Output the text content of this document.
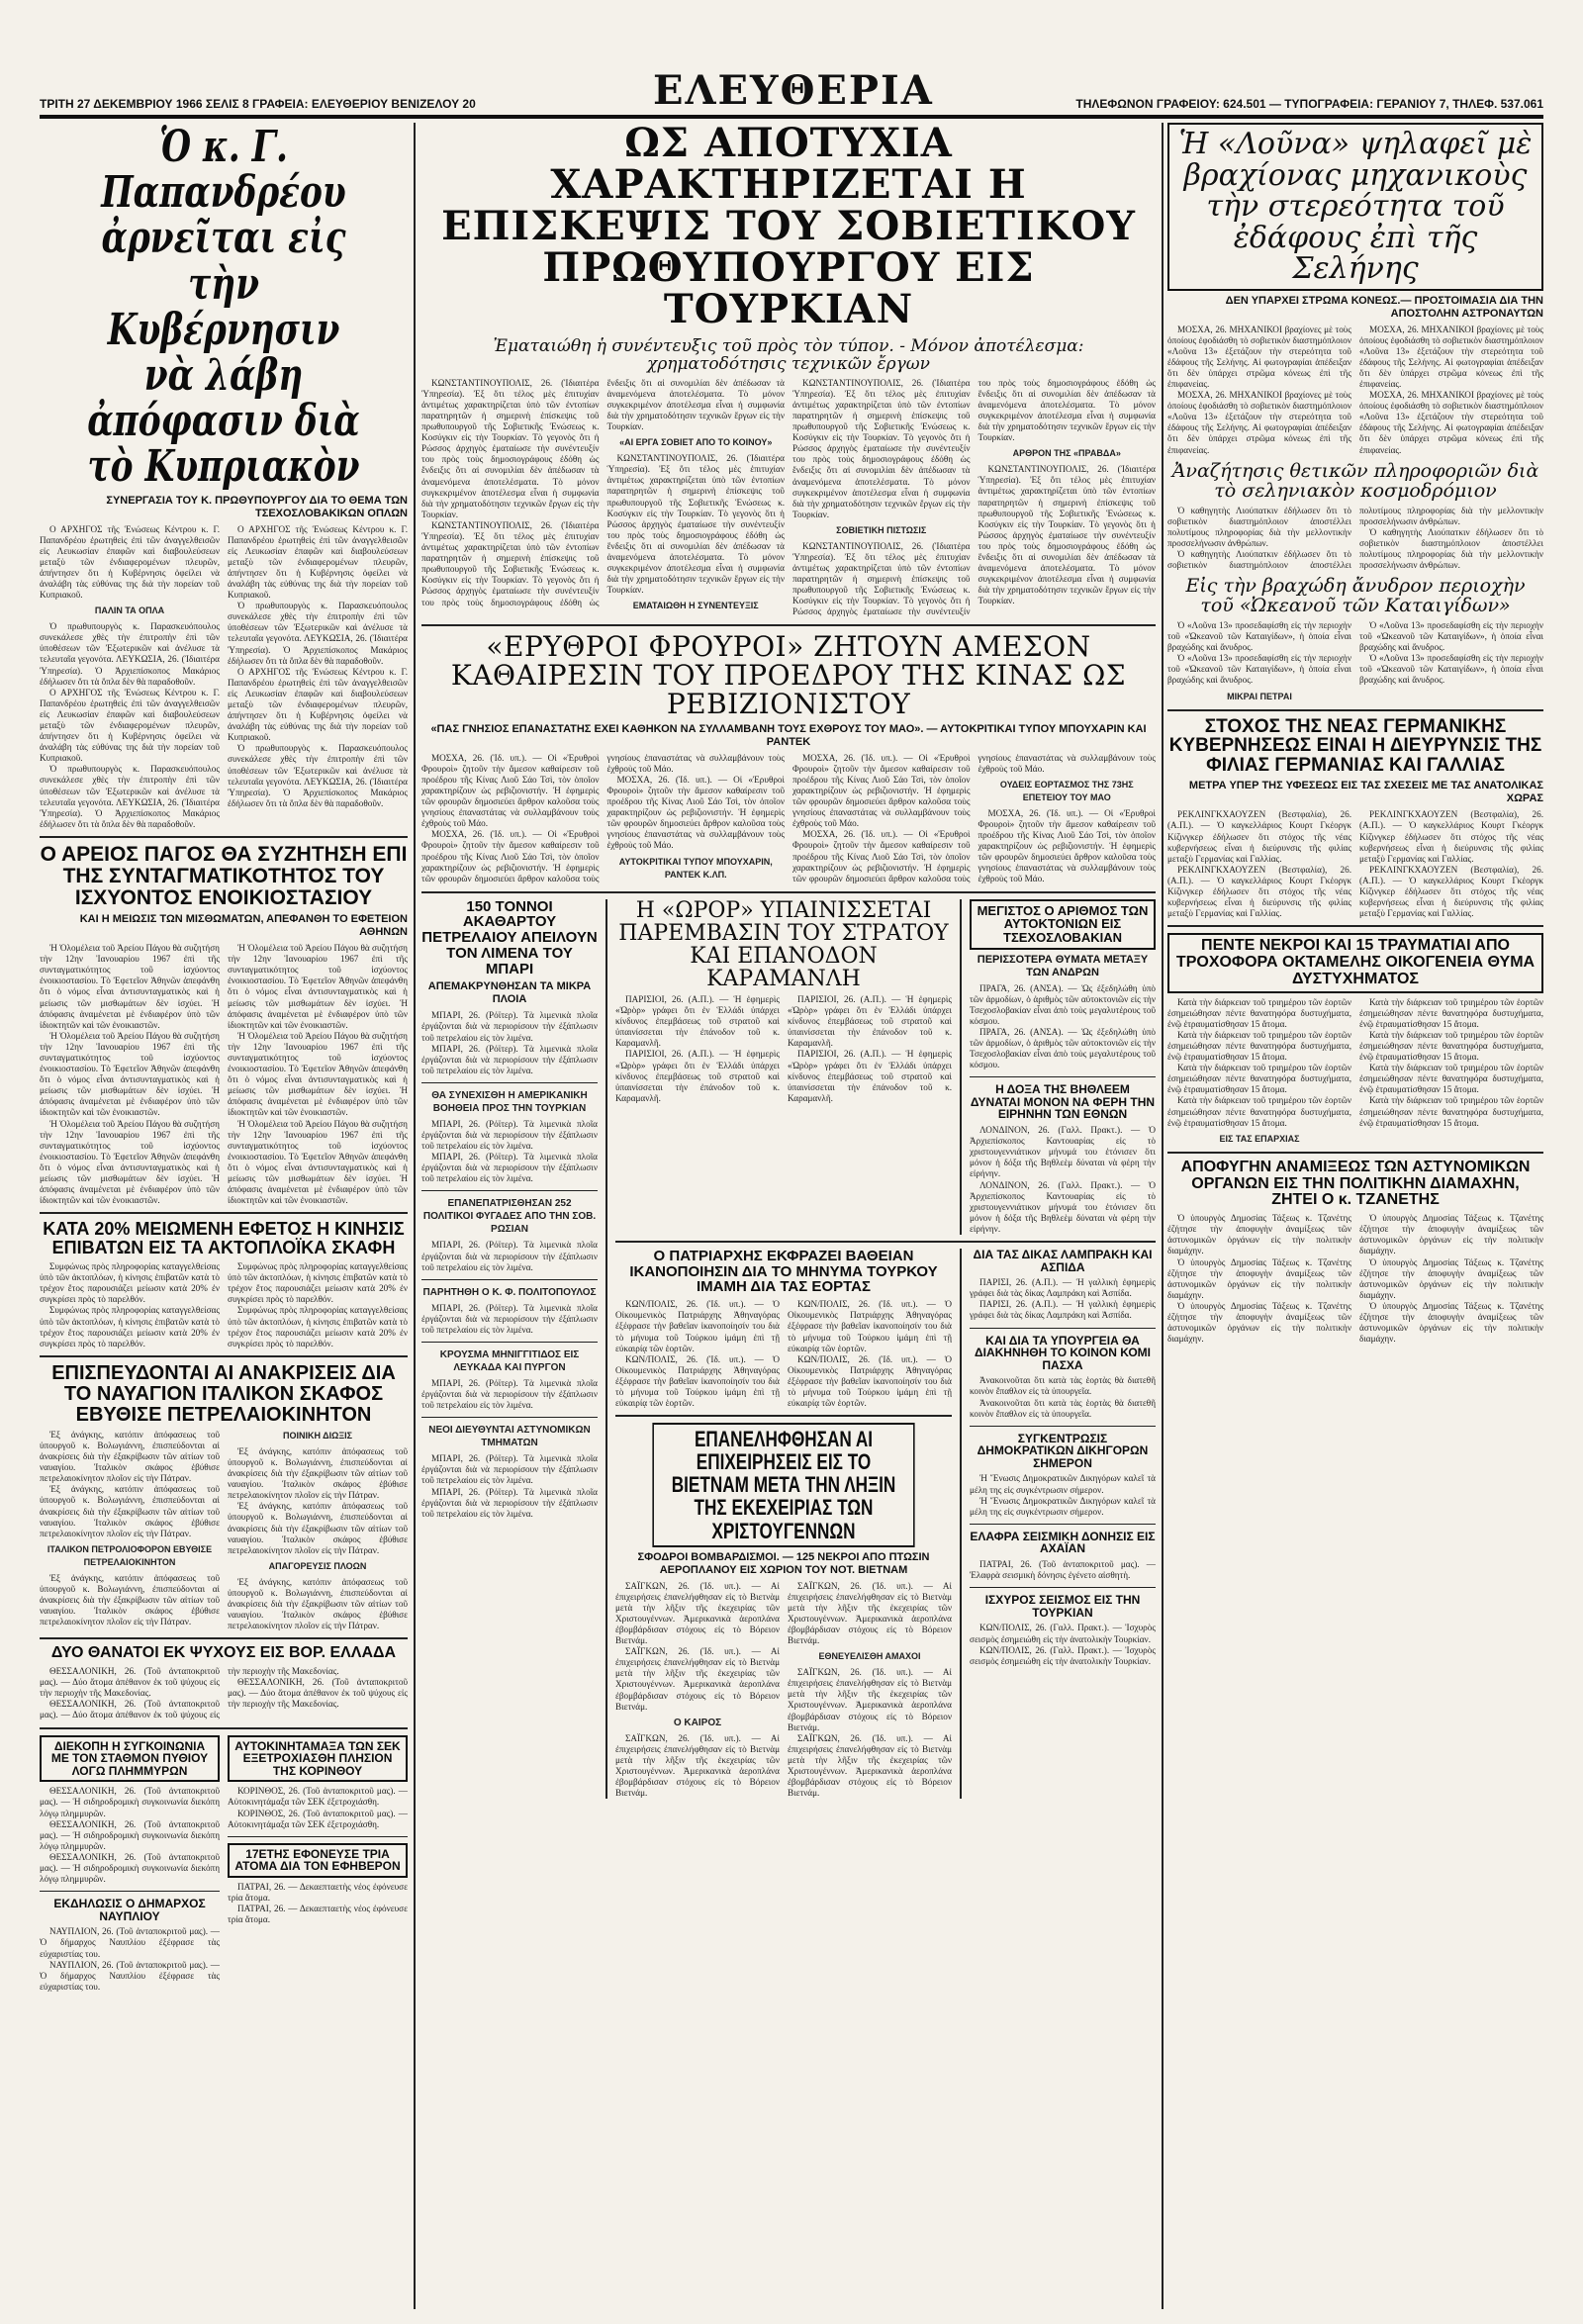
ΤΡΙΤΗ 27 ΔΕΚΕΜΒΡΙΟΥ 1966 ΣΕΛΙΣ 8 ΓΡΑΦΕΙΑ: ΕΛΕΥΘΕΡΙΟΥ ΒΕΝΙΖΕΛΟΥ 20	ΤΗΛΕΦΩΝΟΝ ΓΡΑΦΕΙΟΥ: 624.501 — ΤΥΠΟΓΡΑΦΕΙΑ: ΓΕΡΑΝΙΟΥ 7, ΤΗΛΕΦ. 537.061
ΕΛΕΥΘΕΡΙΑ
Ὁ κ. Γ. Παπανδρέου ἀρνεῖται εἰς τὴν Κυβέρνησιν νὰ λάβη ἀπόφασιν διὰ τὸ Κυπριακὸν
ΣΥΝΕΡΓΑΣΙΑ ΤΟΥ Κ. ΠΡΩΘΥΠΟΥΡΓΟΥ ΔΙΑ ΤΟ ΘΕΜΑ ΤΩΝ ΤΣΕΧΟΣΛΟΒΑΚΙΚΩΝ ΟΠΛΩΝ
Ο ΑΡΧΗΓΟΣ τῆς Ἑνώσεως Κέντρου κ. Γ. Παπανδρέου ἐρωτηθεὶς ἐπὶ τῶν ἀναγγελθεισῶν εἰς Λευκωσίαν ἐπαφῶν καὶ διαβουλεύσεων μεταξὺ τῶν ἐνδιαφερομένων πλευρῶν, ἀπήντησεν ὅτι ἡ Κυβέρνησις ὀφείλει νὰ ἀναλάβη τὰς εὐθύνας της διὰ τὴν πορείαν τοῦ Κυπριακοῦ.
ΠΑΛΙΝ ΤΑ ΟΠΛΑ
Ὁ πρωθυπουργὸς κ. Παρασκευόπουλος συνεκάλεσε χθὲς τὴν ἐπιτροπὴν ἐπὶ τῶν ὑποθέσεων τῶν Ἐξωτερικῶν καὶ ἀνέλυσε τὰ τελευταῖα γεγονότα. ΛΕΥΚΩΣΙΑ, 26. (Ἰδιαιτέρα Ὑπηρεσία). Ὁ Ἀρχιεπίσκοπος Μακάριος ἐδήλωσεν ὅτι τὰ ὅπλα δὲν θὰ παραδοθοῦν.
Ο ΑΡΧΗΓΟΣ τῆς Ἑνώσεως Κέντρου κ. Γ. Παπανδρέου ἐρωτηθεὶς ἐπὶ τῶν ἀναγγελθεισῶν εἰς Λευκωσίαν ἐπαφῶν καὶ διαβουλεύσεων μεταξὺ τῶν ἐνδιαφερομένων πλευρῶν, ἀπήντησεν ὅτι ἡ Κυβέρνησις ὀφείλει νὰ ἀναλάβη τὰς εὐθύνας της διὰ τὴν πορείαν τοῦ Κυπριακοῦ.
Ὁ πρωθυπουργὸς κ. Παρασκευόπουλος συνεκάλεσε χθὲς τὴν ἐπιτροπὴν ἐπὶ τῶν ὑποθέσεων τῶν Ἐξωτερικῶν καὶ ἀνέλυσε τὰ τελευταῖα γεγονότα. ΛΕΥΚΩΣΙΑ, 26. (Ἰδιαιτέρα Ὑπηρεσία). Ὁ Ἀρχιεπίσκοπος Μακάριος ἐδήλωσεν ὅτι τὰ ὅπλα δὲν θὰ παραδοθοῦν.
Ο ΑΡΧΗΓΟΣ τῆς Ἑνώσεως Κέντρου κ. Γ. Παπανδρέου ἐρωτηθεὶς ἐπὶ τῶν ἀναγγελθεισῶν εἰς Λευκωσίαν ἐπαφῶν καὶ διαβουλεύσεων μεταξὺ τῶν ἐνδιαφερομένων πλευρῶν, ἀπήντησεν ὅτι ἡ Κυβέρνησις ὀφείλει νὰ ἀναλάβη τὰς εὐθύνας της διὰ τὴν πορείαν τοῦ Κυπριακοῦ.
Ὁ πρωθυπουργὸς κ. Παρασκευόπουλος συνεκάλεσε χθὲς τὴν ἐπιτροπὴν ἐπὶ τῶν ὑποθέσεων τῶν Ἐξωτερικῶν καὶ ἀνέλυσε τὰ τελευταῖα γεγονότα. ΛΕΥΚΩΣΙΑ, 26. (Ἰδιαιτέρα Ὑπηρεσία). Ὁ Ἀρχιεπίσκοπος Μακάριος ἐδήλωσεν ὅτι τὰ ὅπλα δὲν θὰ παραδοθοῦν.
Ο ΑΡΧΗΓΟΣ τῆς Ἑνώσεως Κέντρου κ. Γ. Παπανδρέου ἐρωτηθεὶς ἐπὶ τῶν ἀναγγελθεισῶν εἰς Λευκωσίαν ἐπαφῶν καὶ διαβουλεύσεων μεταξὺ τῶν ἐνδιαφερομένων πλευρῶν, ἀπήντησεν ὅτι ἡ Κυβέρνησις ὀφείλει νὰ ἀναλάβη τὰς εὐθύνας της διὰ τὴν πορείαν τοῦ Κυπριακοῦ.
Ὁ πρωθυπουργὸς κ. Παρασκευόπουλος συνεκάλεσε χθὲς τὴν ἐπιτροπὴν ἐπὶ τῶν ὑποθέσεων τῶν Ἐξωτερικῶν καὶ ἀνέλυσε τὰ τελευταῖα γεγονότα. ΛΕΥΚΩΣΙΑ, 26. (Ἰδιαιτέρα Ὑπηρεσία). Ὁ Ἀρχιεπίσκοπος Μακάριος ἐδήλωσεν ὅτι τὰ ὅπλα δὲν θὰ παραδοθοῦν.
Ο ΑΡΕΙΟΣ ΠΑΓΟΣ ΘΑ ΣΥΖΗΤΗΣΗ ΕΠΙ ΤΗΣ ΣΥΝΤΑΓΜΑΤΙΚΟΤΗΤΟΣ ΤΟΥ ΙΣΧΥΟΝΤΟΣ ΕΝΟΙΚΙΟΣΤΑΣΙΟΥ
ΚΑΙ Η ΜΕΙΩΣΙΣ ΤΩΝ ΜΙΣΘΩΜΑΤΩΝ, ΑΠΕΦΑΝΘΗ ΤΟ ΕΦΕΤΕΙΟΝ ΑΘΗΝΩΝ
Ἡ Ὁλομέλεια τοῦ Ἀρείου Πάγου θὰ συζητήση τὴν 12ην Ἰανουαρίου 1967 ἐπὶ τῆς συνταγματικότητος τοῦ ἰσχύοντος ἐνοικιοστασίου. Τὸ Ἐφετεῖον Ἀθηνῶν ἀπεφάνθη ὅτι ὁ νόμος εἶναι ἀντισυνταγματικὸς καὶ ἡ μείωσις τῶν μισθωμάτων δὲν ἰσχύει. Ἡ ἀπόφασις ἀναμένεται μὲ ἐνδιαφέρον ὑπὸ τῶν ἰδιοκτητῶν καὶ τῶν ἐνοικιαστῶν.
Ἡ Ὁλομέλεια τοῦ Ἀρείου Πάγου θὰ συζητήση τὴν 12ην Ἰανουαρίου 1967 ἐπὶ τῆς συνταγματικότητος τοῦ ἰσχύοντος ἐνοικιοστασίου. Τὸ Ἐφετεῖον Ἀθηνῶν ἀπεφάνθη ὅτι ὁ νόμος εἶναι ἀντισυνταγματικὸς καὶ ἡ μείωσις τῶν μισθωμάτων δὲν ἰσχύει. Ἡ ἀπόφασις ἀναμένεται μὲ ἐνδιαφέρον ὑπὸ τῶν ἰδιοκτητῶν καὶ τῶν ἐνοικιαστῶν.
Ἡ Ὁλομέλεια τοῦ Ἀρείου Πάγου θὰ συζητήση τὴν 12ην Ἰανουαρίου 1967 ἐπὶ τῆς συνταγματικότητος τοῦ ἰσχύοντος ἐνοικιοστασίου. Τὸ Ἐφετεῖον Ἀθηνῶν ἀπεφάνθη ὅτι ὁ νόμος εἶναι ἀντισυνταγματικὸς καὶ ἡ μείωσις τῶν μισθωμάτων δὲν ἰσχύει. Ἡ ἀπόφασις ἀναμένεται μὲ ἐνδιαφέρον ὑπὸ τῶν ἰδιοκτητῶν καὶ τῶν ἐνοικιαστῶν.
Ἡ Ὁλομέλεια τοῦ Ἀρείου Πάγου θὰ συζητήση τὴν 12ην Ἰανουαρίου 1967 ἐπὶ τῆς συνταγματικότητος τοῦ ἰσχύοντος ἐνοικιοστασίου. Τὸ Ἐφετεῖον Ἀθηνῶν ἀπεφάνθη ὅτι ὁ νόμος εἶναι ἀντισυνταγματικὸς καὶ ἡ μείωσις τῶν μισθωμάτων δὲν ἰσχύει. Ἡ ἀπόφασις ἀναμένεται μὲ ἐνδιαφέρον ὑπὸ τῶν ἰδιοκτητῶν καὶ τῶν ἐνοικιαστῶν.
Ἡ Ὁλομέλεια τοῦ Ἀρείου Πάγου θὰ συζητήση τὴν 12ην Ἰανουαρίου 1967 ἐπὶ τῆς συνταγματικότητος τοῦ ἰσχύοντος ἐνοικιοστασίου. Τὸ Ἐφετεῖον Ἀθηνῶν ἀπεφάνθη ὅτι ὁ νόμος εἶναι ἀντισυνταγματικὸς καὶ ἡ μείωσις τῶν μισθωμάτων δὲν ἰσχύει. Ἡ ἀπόφασις ἀναμένεται μὲ ἐνδιαφέρον ὑπὸ τῶν ἰδιοκτητῶν καὶ τῶν ἐνοικιαστῶν.
Ἡ Ὁλομέλεια τοῦ Ἀρείου Πάγου θὰ συζητήση τὴν 12ην Ἰανουαρίου 1967 ἐπὶ τῆς συνταγματικότητος τοῦ ἰσχύοντος ἐνοικιοστασίου. Τὸ Ἐφετεῖον Ἀθηνῶν ἀπεφάνθη ὅτι ὁ νόμος εἶναι ἀντισυνταγματικὸς καὶ ἡ μείωσις τῶν μισθωμάτων δὲν ἰσχύει. Ἡ ἀπόφασις ἀναμένεται μὲ ἐνδιαφέρον ὑπὸ τῶν ἰδιοκτητῶν καὶ τῶν ἐνοικιαστῶν.
ΚΑΤΑ 20% ΜΕΙΩΜΕΝΗ ΕΦΕΤΟΣ Η ΚΙΝΗΣΙΣ ΕΠΙΒΑΤΩΝ ΕΙΣ ΤΑ ΑΚΤΟΠΛΟΪΚΑ ΣΚΑΦΗ
Συμφώνως πρὸς πληροφορίας καταγγελθείσας ὑπὸ τῶν ἀκτοπλόων, ἡ κίνησις ἐπιβατῶν κατὰ τὸ τρέχον ἔτος παρουσιάζει μείωσιν κατὰ 20% ἐν συγκρίσει πρὸς τὸ παρελθόν.
Συμφώνως πρὸς πληροφορίας καταγγελθείσας ὑπὸ τῶν ἀκτοπλόων, ἡ κίνησις ἐπιβατῶν κατὰ τὸ τρέχον ἔτος παρουσιάζει μείωσιν κατὰ 20% ἐν συγκρίσει πρὸς τὸ παρελθόν.
Συμφώνως πρὸς πληροφορίας καταγγελθείσας ὑπὸ τῶν ἀκτοπλόων, ἡ κίνησις ἐπιβατῶν κατὰ τὸ τρέχον ἔτος παρουσιάζει μείωσιν κατὰ 20% ἐν συγκρίσει πρὸς τὸ παρελθόν.
Συμφώνως πρὸς πληροφορίας καταγγελθείσας ὑπὸ τῶν ἀκτοπλόων, ἡ κίνησις ἐπιβατῶν κατὰ τὸ τρέχον ἔτος παρουσιάζει μείωσιν κατὰ 20% ἐν συγκρίσει πρὸς τὸ παρελθόν.
ΕΠΙΣΠΕΥΔΟΝΤΑΙ ΑΙ ΑΝΑΚΡΙΣΕΙΣ ΔΙΑ ΤΟ ΝΑΥΑΓΙΟΝ ΙΤΑΛΙΚΟΝ ΣΚΑΦΟΣ ΕΒΥΘΙΣΕ ΠΕΤΡΕΛΑΙΟΚΙΝΗΤΟΝ
Ἐξ ἀνάγκης, κατόπιν ἀπόφασεως τοῦ ὑπουργοῦ κ. Βολωγιάννη, ἐπισπεύδονται αἱ ἀνακρίσεις διὰ τὴν ἐξακρίβωσιν τῶν αἰτίων τοῦ ναυαγίου. Ἰταλικὸν σκάφος ἐβύθισε πετρελαιοκίνητον πλοῖον εἰς τὴν Πάτραν.
Ἐξ ἀνάγκης, κατόπιν ἀπόφασεως τοῦ ὑπουργοῦ κ. Βολωγιάννη, ἐπισπεύδονται αἱ ἀνακρίσεις διὰ τὴν ἐξακρίβωσιν τῶν αἰτίων τοῦ ναυαγίου. Ἰταλικὸν σκάφος ἐβύθισε πετρελαιοκίνητον πλοῖον εἰς τὴν Πάτραν.
ΙΤΑΛΙΚΟΝ ΠΕΤΡΟΛΙΟΦΟΡΟΝ ΕΒΥΘΙΣΕ ΠΕΤΡΕΛΑΙΟΚΙΝΗΤΟΝ
Ἐξ ἀνάγκης, κατόπιν ἀπόφασεως τοῦ ὑπουργοῦ κ. Βολωγιάννη, ἐπισπεύδονται αἱ ἀνακρίσεις διὰ τὴν ἐξακρίβωσιν τῶν αἰτίων τοῦ ναυαγίου. Ἰταλικὸν σκάφος ἐβύθισε πετρελαιοκίνητον πλοῖον εἰς τὴν Πάτραν.
ΠΟΙΝΙΚΗ ΔΙΩΞΙΣ
Ἐξ ἀνάγκης, κατόπιν ἀπόφασεως τοῦ ὑπουργοῦ κ. Βολωγιάννη, ἐπισπεύδονται αἱ ἀνακρίσεις διὰ τὴν ἐξακρίβωσιν τῶν αἰτίων τοῦ ναυαγίου. Ἰταλικὸν σκάφος ἐβύθισε πετρελαιοκίνητον πλοῖον εἰς τὴν Πάτραν.
Ἐξ ἀνάγκης, κατόπιν ἀπόφασεως τοῦ ὑπουργοῦ κ. Βολωγιάννη, ἐπισπεύδονται αἱ ἀνακρίσεις διὰ τὴν ἐξακρίβωσιν τῶν αἰτίων τοῦ ναυαγίου. Ἰταλικὸν σκάφος ἐβύθισε πετρελαιοκίνητον πλοῖον εἰς τὴν Πάτραν.
ΑΠΑΓΟΡΕΥΣΙΣ ΠΛΟΩΝ
Ἐξ ἀνάγκης, κατόπιν ἀπόφασεως τοῦ ὑπουργοῦ κ. Βολωγιάννη, ἐπισπεύδονται αἱ ἀνακρίσεις διὰ τὴν ἐξακρίβωσιν τῶν αἰτίων τοῦ ναυαγίου. Ἰταλικὸν σκάφος ἐβύθισε πετρελαιοκίνητον πλοῖον εἰς τὴν Πάτραν.
ΔΥΟ ΘΑΝΑΤΟΙ ΕΚ ΨΥΧΟΥΣ ΕΙΣ ΒΟΡ. ΕΛΛΑΔΑ
ΘΕΣΣΑΛΟΝΙΚΗ, 26. (Τοῦ ἀνταποκριτοῦ μας). — Δύο ἄτομα ἀπέθανον ἐκ τοῦ ψύχους εἰς τὴν περιοχὴν τῆς Μακεδονίας.
ΘΕΣΣΑΛΟΝΙΚΗ, 26. (Τοῦ ἀνταποκριτοῦ μας). — Δύο ἄτομα ἀπέθανον ἐκ τοῦ ψύχους εἰς τὴν περιοχὴν τῆς Μακεδονίας.
ΘΕΣΣΑΛΟΝΙΚΗ, 26. (Τοῦ ἀνταποκριτοῦ μας). — Δύο ἄτομα ἀπέθανον ἐκ τοῦ ψύχους εἰς τὴν περιοχὴν τῆς Μακεδονίας.
ΔΙΕΚΟΠΗ Η ΣΥΓΚΟΙΝΩΝΙΑ ΜΕ ΤΟΝ ΣΤΑΘΜΟΝ ΠΥΘΙΟΥ ΛΟΓΩ ΠΛΗΜΜΥΡΩΝ
ΘΕΣΣΑΛΟΝΙΚΗ, 26. (Τοῦ ἀνταποκριτοῦ μας). — Ἡ σιδηροδρομικὴ συγκοινωνία διεκόπη λόγῳ πλημμυρῶν.
ΘΕΣΣΑΛΟΝΙΚΗ, 26. (Τοῦ ἀνταποκριτοῦ μας). — Ἡ σιδηροδρομικὴ συγκοινωνία διεκόπη λόγῳ πλημμυρῶν.
ΘΕΣΣΑΛΟΝΙΚΗ, 26. (Τοῦ ἀνταποκριτοῦ μας). — Ἡ σιδηροδρομικὴ συγκοινωνία διεκόπη λόγῳ πλημμυρῶν.
ΕΚΔΗΛΩΣΙΣ Ο ΔΗΜΑΡΧΟΣ ΝΑΥΠΛΙΟΥ
ΝΑΥΠΛΙΟΝ, 26. (Τοῦ ἀνταποκριτοῦ μας). — Ὁ δήμαρχος Ναυπλίου ἐξέφρασε τὰς εὐχαριστίας του.
ΝΑΥΠΛΙΟΝ, 26. (Τοῦ ἀνταποκριτοῦ μας). — Ὁ δήμαρχος Ναυπλίου ἐξέφρασε τὰς εὐχαριστίας του.
ΑΥΤΟΚΙΝΗΤΑΜΑΞΑ ΤΩΝ ΣΕΚ ΕΞΕΤΡΟΧΙΑΣΘΗ ΠΛΗΣΙΟΝ ΤΗΣ ΚΟΡΙΝΘΟΥ
ΚΟΡΙΝΘΟΣ, 26. (Τοῦ ἀνταποκριτοῦ μας). — Αὐτοκινητάμαξα τῶν ΣΕΚ ἐξετροχιάσθη.
ΚΟΡΙΝΘΟΣ, 26. (Τοῦ ἀνταποκριτοῦ μας). — Αὐτοκινητάμαξα τῶν ΣΕΚ ἐξετροχιάσθη.
17ΕΤΗΣ ΕΦΟΝΕΥΣΕ ΤΡΙΑ ΑΤΟΜΑ ΔΙΑ ΤΟΝ ΕΦΗΒΕΡΟΝ
ΠΑΤΡΑΙ, 26. — Δεκαεπταετὴς νέος ἐφόνευσε τρία ἄτομα.
ΠΑΤΡΑΙ, 26. — Δεκαεπταετὴς νέος ἐφόνευσε τρία ἄτομα.
ΩΣ ΑΠΟΤΥΧΙΑ ΧΑΡΑΚΤΗΡΙΖΕΤΑΙ Η ΕΠΙΣΚΕΨΙΣ ΤΟΥ ΣΟΒΙΕΤΙΚΟΥ ΠΡΩΘΥΠΟΥΡΓΟΥ ΕΙΣ ΤΟΥΡΚΙΑΝ
Ἐματαιώθη ἡ συνέντευξις τοῦ πρὸς τὸν τύπον. - Μόνον ἀποτέλεσμα: χρηματοδότησις τεχνικῶν ἔργων
ΚΩΝΣΤΑΝΤΙΝΟΥΠΟΛΙΣ, 26. (Ἰδιαιτέρα Ὑπηρεσία). Ἐξ ὅτι τέλος μὲς ἐπιτυχίαν ἀντιμέτως χαρακτηρίζεται ὑπὸ τῶν ἐντοπίων παρατηρητῶν ἡ σημερινὴ ἐπίσκεψις τοῦ πρωθυπουργοῦ τῆς Σοβιετικῆς Ἑνώσεως κ. Κοσύγκιν εἰς τὴν Τουρκίαν. Τὸ γεγονὸς ὅτι ἡ Ρώσσος ἀρχηγὸς ἐματαίωσε τὴν συνέντευξίν του πρὸς τοὺς δημοσιογράφους ἐδόθη ὡς ἕνδειξις ὅτι αἱ συνομιλίαι δὲν ἀπέδωσαν τὰ ἀναμενόμενα ἀποτελέσματα. Τὸ μόνον συγκεκριμένον ἀποτέλεσμα εἶναι ἡ συμφωνία διὰ τὴν χρηματοδότησιν τεχνικῶν ἔργων εἰς τὴν Τουρκίαν.
ΚΩΝΣΤΑΝΤΙΝΟΥΠΟΛΙΣ, 26. (Ἰδιαιτέρα Ὑπηρεσία). Ἐξ ὅτι τέλος μὲς ἐπιτυχίαν ἀντιμέτως χαρακτηρίζεται ὑπὸ τῶν ἐντοπίων παρατηρητῶν ἡ σημερινὴ ἐπίσκεψις τοῦ πρωθυπουργοῦ τῆς Σοβιετικῆς Ἑνώσεως κ. Κοσύγκιν εἰς τὴν Τουρκίαν. Τὸ γεγονὸς ὅτι ἡ Ρώσσος ἀρχηγὸς ἐματαίωσε τὴν συνέντευξίν του πρὸς τοὺς δημοσιογράφους ἐδόθη ὡς ἕνδειξις ὅτι αἱ συνομιλίαι δὲν ἀπέδωσαν τὰ ἀναμενόμενα ἀποτελέσματα. Τὸ μόνον συγκεκριμένον ἀποτέλεσμα εἶναι ἡ συμφωνία διὰ τὴν χρηματοδότησιν τεχνικῶν ἔργων εἰς τὴν Τουρκίαν.
«ΑΙ ΕΡΓΑ ΣΟΒΙΕΤ ΑΠΟ ΤΟ ΚΟΙΝΟΥ»
ΚΩΝΣΤΑΝΤΙΝΟΥΠΟΛΙΣ, 26. (Ἰδιαιτέρα Ὑπηρεσία). Ἐξ ὅτι τέλος μὲς ἐπιτυχίαν ἀντιμέτως χαρακτηρίζεται ὑπὸ τῶν ἐντοπίων παρατηρητῶν ἡ σημερινὴ ἐπίσκεψις τοῦ πρωθυπουργοῦ τῆς Σοβιετικῆς Ἑνώσεως κ. Κοσύγκιν εἰς τὴν Τουρκίαν. Τὸ γεγονὸς ὅτι ἡ Ρώσσος ἀρχηγὸς ἐματαίωσε τὴν συνέντευξίν του πρὸς τοὺς δημοσιογράφους ἐδόθη ὡς ἕνδειξις ὅτι αἱ συνομιλίαι δὲν ἀπέδωσαν τὰ ἀναμενόμενα ἀποτελέσματα. Τὸ μόνον συγκεκριμένον ἀποτέλεσμα εἶναι ἡ συμφωνία διὰ τὴν χρηματοδότησιν τεχνικῶν ἔργων εἰς τὴν Τουρκίαν.
ΕΜΑΤΑΙΩΘΗ Η ΣΥΝΕΝΤΕΥΞΙΣ
ΚΩΝΣΤΑΝΤΙΝΟΥΠΟΛΙΣ, 26. (Ἰδιαιτέρα Ὑπηρεσία). Ἐξ ὅτι τέλος μὲς ἐπιτυχίαν ἀντιμέτως χαρακτηρίζεται ὑπὸ τῶν ἐντοπίων παρατηρητῶν ἡ σημερινὴ ἐπίσκεψις τοῦ πρωθυπουργοῦ τῆς Σοβιετικῆς Ἑνώσεως κ. Κοσύγκιν εἰς τὴν Τουρκίαν. Τὸ γεγονὸς ὅτι ἡ Ρώσσος ἀρχηγὸς ἐματαίωσε τὴν συνέντευξίν του πρὸς τοὺς δημοσιογράφους ἐδόθη ὡς ἕνδειξις ὅτι αἱ συνομιλίαι δὲν ἀπέδωσαν τὰ ἀναμενόμενα ἀποτελέσματα. Τὸ μόνον συγκεκριμένον ἀποτέλεσμα εἶναι ἡ συμφωνία διὰ τὴν χρηματοδότησιν τεχνικῶν ἔργων εἰς τὴν Τουρκίαν.
ΣΟΒΙΕΤΙΚΗ ΠΙΣΤΩΣΙΣ
ΚΩΝΣΤΑΝΤΙΝΟΥΠΟΛΙΣ, 26. (Ἰδιαιτέρα Ὑπηρεσία). Ἐξ ὅτι τέλος μὲς ἐπιτυχίαν ἀντιμέτως χαρακτηρίζεται ὑπὸ τῶν ἐντοπίων παρατηρητῶν ἡ σημερινὴ ἐπίσκεψις τοῦ πρωθυπουργοῦ τῆς Σοβιετικῆς Ἑνώσεως κ. Κοσύγκιν εἰς τὴν Τουρκίαν. Τὸ γεγονὸς ὅτι ἡ Ρώσσος ἀρχηγὸς ἐματαίωσε τὴν συνέντευξίν του πρὸς τοὺς δημοσιογράφους ἐδόθη ὡς ἕνδειξις ὅτι αἱ συνομιλίαι δὲν ἀπέδωσαν τὰ ἀναμενόμενα ἀποτελέσματα. Τὸ μόνον συγκεκριμένον ἀποτέλεσμα εἶναι ἡ συμφωνία διὰ τὴν χρηματοδότησιν τεχνικῶν ἔργων εἰς τὴν Τουρκίαν.
ΑΡΘΡΟΝ ΤΗΣ «ΠΡΑΒΔΑ»
ΚΩΝΣΤΑΝΤΙΝΟΥΠΟΛΙΣ, 26. (Ἰδιαιτέρα Ὑπηρεσία). Ἐξ ὅτι τέλος μὲς ἐπιτυχίαν ἀντιμέτως χαρακτηρίζεται ὑπὸ τῶν ἐντοπίων παρατηρητῶν ἡ σημερινὴ ἐπίσκεψις τοῦ πρωθυπουργοῦ τῆς Σοβιετικῆς Ἑνώσεως κ. Κοσύγκιν εἰς τὴν Τουρκίαν. Τὸ γεγονὸς ὅτι ἡ Ρώσσος ἀρχηγὸς ἐματαίωσε τὴν συνέντευξίν του πρὸς τοὺς δημοσιογράφους ἐδόθη ὡς ἕνδειξις ὅτι αἱ συνομιλίαι δὲν ἀπέδωσαν τὰ ἀναμενόμενα ἀποτελέσματα. Τὸ μόνον συγκεκριμένον ἀποτέλεσμα εἶναι ἡ συμφωνία διὰ τὴν χρηματοδότησιν τεχνικῶν ἔργων εἰς τὴν Τουρκίαν.
«ΕΡΥΘΡΟΙ ΦΡΟΥΡΟΙ» ΖΗΤΟΥΝ ΑΜΕΣΟΝ ΚΑΘΑΙΡΕΣΙΝ ΤΟΥ ΠΡΟΕΔΡΟΥ ΤΗΣ ΚΙΝΑΣ ΩΣ ΡΕΒΙΖΙΟΝΙΣΤΟΥ
«ΠΑΣ ΓΝΗΣΙΟΣ ΕΠΑΝΑΣΤΑΤΗΣ ΕΧΕΙ ΚΑΘΗΚΟΝ ΝΑ ΣΥΛΛΑΜΒΑΝΗ ΤΟΥΣ ΕΧΘΡΟΥΣ ΤΟΥ ΜΑΟ». — ΑΥΤΟΚΡΙΤΙΚΑΙ ΤΥΠΟΥ ΜΠΟΥΧΑΡΙΝ ΚΑΙ ΡΑΝΤΕΚ
ΜΟΣΧΑ, 26. (Ἰδ. υπ.). — Οἱ «Ἐρυθροὶ Φρουροὶ» ζητοῦν τὴν ἄμεσον καθαίρεσιν τοῦ προέδρου τῆς Κίνας Λιοῦ Σάο Τσὶ, τὸν ὁποῖον χαρακτηρίζουν ὡς ρεβιζιονιστήν. Ἡ ἐφημερὶς τῶν φρουρῶν δημοσιεύει ἄρθρον καλοῦσα τοὺς γνησίους ἐπαναστάτας νὰ συλλαμβάνουν τοὺς ἐχθροὺς τοῦ Μάο.
ΜΟΣΧΑ, 26. (Ἰδ. υπ.). — Οἱ «Ἐρυθροὶ Φρουροὶ» ζητοῦν τὴν ἄμεσον καθαίρεσιν τοῦ προέδρου τῆς Κίνας Λιοῦ Σάο Τσὶ, τὸν ὁποῖον χαρακτηρίζουν ὡς ρεβιζιονιστήν. Ἡ ἐφημερὶς τῶν φρουρῶν δημοσιεύει ἄρθρον καλοῦσα τοὺς γνησίους ἐπαναστάτας νὰ συλλαμβάνουν τοὺς ἐχθροὺς τοῦ Μάο.
ΜΟΣΧΑ, 26. (Ἰδ. υπ.). — Οἱ «Ἐρυθροὶ Φρουροὶ» ζητοῦν τὴν ἄμεσον καθαίρεσιν τοῦ προέδρου τῆς Κίνας Λιοῦ Σάο Τσὶ, τὸν ὁποῖον χαρακτηρίζουν ὡς ρεβιζιονιστήν. Ἡ ἐφημερὶς τῶν φρουρῶν δημοσιεύει ἄρθρον καλοῦσα τοὺς γνησίους ἐπαναστάτας νὰ συλλαμβάνουν τοὺς ἐχθροὺς τοῦ Μάο.
ΑΥΤΟΚΡΙΤΙΚΑΙ ΤΥΠΟΥ ΜΠΟΥΧΑΡΙΝ, ΡΑΝΤΕΚ Κ.ΛΠ.
ΜΟΣΧΑ, 26. (Ἰδ. υπ.). — Οἱ «Ἐρυθροὶ Φρουροὶ» ζητοῦν τὴν ἄμεσον καθαίρεσιν τοῦ προέδρου τῆς Κίνας Λιοῦ Σάο Τσὶ, τὸν ὁποῖον χαρακτηρίζουν ὡς ρεβιζιονιστήν. Ἡ ἐφημερὶς τῶν φρουρῶν δημοσιεύει ἄρθρον καλοῦσα τοὺς γνησίους ἐπαναστάτας νὰ συλλαμβάνουν τοὺς ἐχθροὺς τοῦ Μάο.
ΜΟΣΧΑ, 26. (Ἰδ. υπ.). — Οἱ «Ἐρυθροὶ Φρουροὶ» ζητοῦν τὴν ἄμεσον καθαίρεσιν τοῦ προέδρου τῆς Κίνας Λιοῦ Σάο Τσὶ, τὸν ὁποῖον χαρακτηρίζουν ὡς ρεβιζιονιστήν. Ἡ ἐφημερὶς τῶν φρουρῶν δημοσιεύει ἄρθρον καλοῦσα τοὺς γνησίους ἐπαναστάτας νὰ συλλαμβάνουν τοὺς ἐχθροὺς τοῦ Μάο.
ΟΥΔΕΙΣ ΕΟΡΤΑΣΜΟΣ ΤΗΣ 73ΗΣ ΕΠΕΤΕΙΟΥ ΤΟΥ ΜΑΟ
ΜΟΣΧΑ, 26. (Ἰδ. υπ.). — Οἱ «Ἐρυθροὶ Φρουροὶ» ζητοῦν τὴν ἄμεσον καθαίρεσιν τοῦ προέδρου τῆς Κίνας Λιοῦ Σάο Τσὶ, τὸν ὁποῖον χαρακτηρίζουν ὡς ρεβιζιονιστήν. Ἡ ἐφημερὶς τῶν φρουρῶν δημοσιεύει ἄρθρον καλοῦσα τοὺς γνησίους ἐπαναστάτας νὰ συλλαμβάνουν τοὺς ἐχθροὺς τοῦ Μάο.
150 ΤΟΝΝΟΙ ΑΚΑΘΑΡΤΟΥ ΠΕΤΡΕΛΑΙΟΥ ΑΠΕΙΛΟΥΝ ΤΟΝ ΛΙΜΕΝΑ ΤΟΥ ΜΠΑΡΙ
ΑΠΕΜΑΚΡΥΝΘΗΣΑΝ ΤΑ ΜΙΚΡΑ ΠΛΟΙΑ
ΜΠΑΡΙ, 26. (Ρόϊτερ). Τὰ λιμενικὰ πλοῖα ἐργάζονται διὰ νὰ περιορίσουν τὴν ἐξάπλωσιν τοῦ πετρελαίου εἰς τὸν λιμένα.
ΜΠΑΡΙ, 26. (Ρόϊτερ). Τὰ λιμενικὰ πλοῖα ἐργάζονται διὰ νὰ περιορίσουν τὴν ἐξάπλωσιν τοῦ πετρελαίου εἰς τὸν λιμένα.
ΘΑ ΣΥΝΕΧΙΣΘΗ Η ΑΜΕΡΙΚΑΝΙΚΗ ΒΟΗΘΕΙΑ ΠΡΟΣ ΤΗΝ ΤΟΥΡΚΙΑΝ
ΜΠΑΡΙ, 26. (Ρόϊτερ). Τὰ λιμενικὰ πλοῖα ἐργάζονται διὰ νὰ περιορίσουν τὴν ἐξάπλωσιν τοῦ πετρελαίου εἰς τὸν λιμένα.
ΜΠΑΡΙ, 26. (Ρόϊτερ). Τὰ λιμενικὰ πλοῖα ἐργάζονται διὰ νὰ περιορίσουν τὴν ἐξάπλωσιν τοῦ πετρελαίου εἰς τὸν λιμένα.
ΕΠΑΝΕΠΑΤΡΙΣΘΗΣΑΝ 252 ΠΟΛΙΤΙΚΟΙ ΦΥΓΑΔΕΣ ΑΠΟ ΤΗΝ ΣΟΒ. ΡΩΣΙΑΝ
ΜΠΑΡΙ, 26. (Ρόϊτερ). Τὰ λιμενικὰ πλοῖα ἐργάζονται διὰ νὰ περιορίσουν τὴν ἐξάπλωσιν τοῦ πετρελαίου εἰς τὸν λιμένα.
ΠΑΡΗΤΗΘΗ Ο Κ. Φ. ΠΟΛΙΤΟΠΟΥΛΟΣ
ΜΠΑΡΙ, 26. (Ρόϊτερ). Τὰ λιμενικὰ πλοῖα ἐργάζονται διὰ νὰ περιορίσουν τὴν ἐξάπλωσιν τοῦ πετρελαίου εἰς τὸν λιμένα.
ΚΡΟΥΣΜΑ ΜΗΝΙΓΓΙΤΙΔΟΣ ΕΙΣ ΛΕΥΚΑΔΑ ΚΑΙ ΠΥΡΓΟΝ
ΜΠΑΡΙ, 26. (Ρόϊτερ). Τὰ λιμενικὰ πλοῖα ἐργάζονται διὰ νὰ περιορίσουν τὴν ἐξάπλωσιν τοῦ πετρελαίου εἰς τὸν λιμένα.
ΝΕΟΙ ΔΙΕΥΘΥΝΤΑΙ ΑΣΤΥΝΟΜΙΚΩΝ ΤΜΗΜΑΤΩΝ
ΜΠΑΡΙ, 26. (Ρόϊτερ). Τὰ λιμενικὰ πλοῖα ἐργάζονται διὰ νὰ περιορίσουν τὴν ἐξάπλωσιν τοῦ πετρελαίου εἰς τὸν λιμένα.
ΜΠΑΡΙ, 26. (Ρόϊτερ). Τὰ λιμενικὰ πλοῖα ἐργάζονται διὰ νὰ περιορίσουν τὴν ἐξάπλωσιν τοῦ πετρελαίου εἰς τὸν λιμένα.
Η «ΩΡΟΡ» ΥΠΑΙΝΙΣΣΕΤΑΙ ΠΑΡΕΜΒΑΣΙΝ ΤΟΥ ΣΤΡΑΤΟΥ ΚΑΙ ΕΠΑΝΟΔΟΝ ΚΑΡΑΜΑΝΛΗ
ΠΑΡΙΣΙΟΙ, 26. (Α.Π.). — Ἡ ἐφημερὶς «Ὡρὸρ» γράφει ὅτι ἐν Ἑλλάδι ὑπάρχει κίνδυνος ἐπεμβάσεως τοῦ στρατοῦ καὶ ὑπαινίσσεται τὴν ἐπάνοδον τοῦ κ. Καραμανλῆ.
ΠΑΡΙΣΙΟΙ, 26. (Α.Π.). — Ἡ ἐφημερὶς «Ὡρὸρ» γράφει ὅτι ἐν Ἑλλάδι ὑπάρχει κίνδυνος ἐπεμβάσεως τοῦ στρατοῦ καὶ ὑπαινίσσεται τὴν ἐπάνοδον τοῦ κ. Καραμανλῆ.
ΠΑΡΙΣΙΟΙ, 26. (Α.Π.). — Ἡ ἐφημερὶς «Ὡρὸρ» γράφει ὅτι ἐν Ἑλλάδι ὑπάρχει κίνδυνος ἐπεμβάσεως τοῦ στρατοῦ καὶ ὑπαινίσσεται τὴν ἐπάνοδον τοῦ κ. Καραμανλῆ.
ΠΑΡΙΣΙΟΙ, 26. (Α.Π.). — Ἡ ἐφημερὶς «Ὡρὸρ» γράφει ὅτι ἐν Ἑλλάδι ὑπάρχει κίνδυνος ἐπεμβάσεως τοῦ στρατοῦ καὶ ὑπαινίσσεται τὴν ἐπάνοδον τοῦ κ. Καραμανλῆ.
ΜΕΓΙΣΤΟΣ Ο ΑΡΙΘΜΟΣ ΤΩΝ ΑΥΤΟΚΤΟΝΙΩΝ ΕΙΣ ΤΣΕΧΟΣΛΟΒΑΚΙΑΝ
ΠΕΡΙΣΣΟΤΕΡΑ ΘΥΜΑΤΑ ΜΕΤΑΞΥ ΤΩΝ ΑΝΔΡΩΝ
ΠΡΑΓΑ, 26. (ΑΝΣΑ). — Ὡς ἐξεδηλώθη ὑπὸ τῶν ἀρμοδίων, ὁ ἀριθμὸς τῶν αὐτοκτονιῶν εἰς τὴν Τσεχοσλοβακίαν εἶναι ἀπὸ τοὺς μεγαλυτέρους τοῦ κόσμου.
ΠΡΑΓΑ, 26. (ΑΝΣΑ). — Ὡς ἐξεδηλώθη ὑπὸ τῶν ἀρμοδίων, ὁ ἀριθμὸς τῶν αὐτοκτονιῶν εἰς τὴν Τσεχοσλοβακίαν εἶναι ἀπὸ τοὺς μεγαλυτέρους τοῦ κόσμου.
Η ΔΟΞΑ ΤΗΣ ΒΗΘΛΕΕΜ ΔΥΝΑΤΑΙ ΜΟΝΟΝ ΝΑ ΦΕΡΗ ΤΗΝ ΕΙΡΗΝΗΝ ΤΩΝ ΕΘΝΩΝ
ΛΟΝΔΙΝΟΝ, 26. (Γαλλ. Πρακτ.). — Ὁ Ἀρχιεπίσκοπος Καντουαρίας εἰς τὸ χριστουγεννιάτικον μήνυμά του ἐτόνισεν ὅτι μόνον ἡ δόξα τῆς Βηθλεὲμ δύναται νὰ φέρη τὴν εἰρήνην.
ΛΟΝΔΙΝΟΝ, 26. (Γαλλ. Πρακτ.). — Ὁ Ἀρχιεπίσκοπος Καντουαρίας εἰς τὸ χριστουγεννιάτικον μήνυμά του ἐτόνισεν ὅτι μόνον ἡ δόξα τῆς Βηθλεὲμ δύναται νὰ φέρη τὴν εἰρήνην.
Ο ΠΑΤΡΙΑΡΧΗΣ ΕΚΦΡΑΖΕΙ ΒΑΘΕΙΑΝ ΙΚΑΝΟΠΟΙΗΣΙΝ ΔΙΑ ΤΟ ΜΗΝΥΜΑ ΤΟΥΡΚΟΥ ΙΜΑΜΗ ΔΙΑ ΤΑΣ ΕΟΡΤΑΣ
ΚΩΝ/ΠΟΛΙΣ, 26. (Ἰδ. υπ.). — Ὁ Οἰκουμενικὸς Πατριάρχης Ἀθηναγόρας ἐξέφρασε τὴν βαθεῖαν ἱκανοποίησίν του διὰ τὸ μήνυμα τοῦ Τούρκου ἰμάμη ἐπὶ τῇ εὐκαιρίᾳ τῶν ἑορτῶν.
ΚΩΝ/ΠΟΛΙΣ, 26. (Ἰδ. υπ.). — Ὁ Οἰκουμενικὸς Πατριάρχης Ἀθηναγόρας ἐξέφρασε τὴν βαθεῖαν ἱκανοποίησίν του διὰ τὸ μήνυμα τοῦ Τούρκου ἰμάμη ἐπὶ τῇ εὐκαιρίᾳ τῶν ἑορτῶν.
ΚΩΝ/ΠΟΛΙΣ, 26. (Ἰδ. υπ.). — Ὁ Οἰκουμενικὸς Πατριάρχης Ἀθηναγόρας ἐξέφρασε τὴν βαθεῖαν ἱκανοποίησίν του διὰ τὸ μήνυμα τοῦ Τούρκου ἰμάμη ἐπὶ τῇ εὐκαιρίᾳ τῶν ἑορτῶν.
ΚΩΝ/ΠΟΛΙΣ, 26. (Ἰδ. υπ.). — Ὁ Οἰκουμενικὸς Πατριάρχης Ἀθηναγόρας ἐξέφρασε τὴν βαθεῖαν ἱκανοποίησίν του διὰ τὸ μήνυμα τοῦ Τούρκου ἰμάμη ἐπὶ τῇ εὐκαιρίᾳ τῶν ἑορτῶν.
ΕΠΑΝΕΛΗΦΘΗΣΑΝ ΑΙ ΕΠΙΧΕΙΡΗΣΕΙΣ ΕΙΣ ΤΟ ΒΙΕΤΝΑΜ ΜΕΤΑ ΤΗΝ ΛΗΞΙΝ ΤΗΣ ΕΚΕΧΕΙΡΙΑΣ ΤΩΝ ΧΡΙΣΤΟΥΓΕΝΝΩΝ
ΣΦΟΔΡΟΙ ΒΟΜΒΑΡΔΙΣΜΟΙ. — 125 ΝΕΚΡΟΙ ΑΠΟ ΠΤΩΣΙΝ ΑΕΡΟΠΛΑΝΟΥ ΕΙΣ ΧΩΡΙΟΝ ΤΟΥ ΝΟΤ. ΒΙΕΤΝΑΜ
ΣΑΪΓΚΩΝ, 26. (Ἰδ. υπ.). — Αἱ ἐπιχειρήσεις ἐπανελήφθησαν εἰς τὸ Βιετνὰμ μετὰ τὴν λῆξιν τῆς ἐκεχειρίας τῶν Χριστουγέννων. Ἀμερικανικὰ ἀεροπλάνα ἐβομβάρδισαν στόχους εἰς τὸ Βόρειον Βιετνάμ.
ΣΑΪΓΚΩΝ, 26. (Ἰδ. υπ.). — Αἱ ἐπιχειρήσεις ἐπανελήφθησαν εἰς τὸ Βιετνὰμ μετὰ τὴν λῆξιν τῆς ἐκεχειρίας τῶν Χριστουγέννων. Ἀμερικανικὰ ἀεροπλάνα ἐβομβάρδισαν στόχους εἰς τὸ Βόρειον Βιετνάμ.
Ο ΚΑΙΡΟΣ
ΣΑΪΓΚΩΝ, 26. (Ἰδ. υπ.). — Αἱ ἐπιχειρήσεις ἐπανελήφθησαν εἰς τὸ Βιετνὰμ μετὰ τὴν λῆξιν τῆς ἐκεχειρίας τῶν Χριστουγέννων. Ἀμερικανικὰ ἀεροπλάνα ἐβομβάρδισαν στόχους εἰς τὸ Βόρειον Βιετνάμ.
ΣΑΪΓΚΩΝ, 26. (Ἰδ. υπ.). — Αἱ ἐπιχειρήσεις ἐπανελήφθησαν εἰς τὸ Βιετνὰμ μετὰ τὴν λῆξιν τῆς ἐκεχειρίας τῶν Χριστουγέννων. Ἀμερικανικὰ ἀεροπλάνα ἐβομβάρδισαν στόχους εἰς τὸ Βόρειον Βιετνάμ.
ΕΘΝΕΥΕΛΙΣΘΗ ΑΜΑΧΟΙ
ΣΑΪΓΚΩΝ, 26. (Ἰδ. υπ.). — Αἱ ἐπιχειρήσεις ἐπανελήφθησαν εἰς τὸ Βιετνὰμ μετὰ τὴν λῆξιν τῆς ἐκεχειρίας τῶν Χριστουγέννων. Ἀμερικανικὰ ἀεροπλάνα ἐβομβάρδισαν στόχους εἰς τὸ Βόρειον Βιετνάμ.
ΣΑΪΓΚΩΝ, 26. (Ἰδ. υπ.). — Αἱ ἐπιχειρήσεις ἐπανελήφθησαν εἰς τὸ Βιετνὰμ μετὰ τὴν λῆξιν τῆς ἐκεχειρίας τῶν Χριστουγέννων. Ἀμερικανικὰ ἀεροπλάνα ἐβομβάρδισαν στόχους εἰς τὸ Βόρειον Βιετνάμ.
ΔΙΑ ΤΑΣ ΔΙΚΑΣ ΛΑΜΠΡΑΚΗ ΚΑΙ ΑΣΠΙΔΑ
ΠΑΡΙΣΙ, 26. (Α.Π.). — Ἡ γαλλικὴ ἐφημερὶς γράφει διὰ τὰς δίκας Λαμπράκη καὶ Ἀσπίδα.
ΠΑΡΙΣΙ, 26. (Α.Π.). — Ἡ γαλλικὴ ἐφημερὶς γράφει διὰ τὰς δίκας Λαμπράκη καὶ Ἀσπίδα.
ΚΑΙ ΔΙΑ ΤΑ ΥΠΟΥΡΓΕΙΑ ΘΑ ΔΙΑΚΗΝΗΘΗ ΤΟ ΚΟΙΝΟΝ ΚΟΜΙ ΠΑΣΧΑ
Ἀνακοινοῦται ὅτι κατὰ τὰς ἑορτὰς θὰ διατεθῆ κοινὸν ἔπαθλον εἰς τὰ ὑπουργεῖα.
Ἀνακοινοῦται ὅτι κατὰ τὰς ἑορτὰς θὰ διατεθῆ κοινὸν ἔπαθλον εἰς τὰ ὑπουργεῖα.
ΣΥΓΚΕΝΤΡΩΣΙΣ ΔΗΜΟΚΡΑΤΙΚΩΝ ΔΙΚΗΓΟΡΩΝ ΣΗΜΕΡΟΝ
Ἡ Ἕνωσις Δημοκρατικῶν Δικηγόρων καλεῖ τὰ μέλη της εἰς συγκέντρωσιν σήμερον.
Ἡ Ἕνωσις Δημοκρατικῶν Δικηγόρων καλεῖ τὰ μέλη της εἰς συγκέντρωσιν σήμερον.
ΕΛΑΦΡΑ ΣΕΙΣΜΙΚΗ ΔΟΝΗΣΙΣ ΕΙΣ ΑΧΑΪΑΝ
ΠΑΤΡΑΙ, 26. (Τοῦ ἀνταποκριτοῦ μας). — Ἐλαφρὰ σεισμικὴ δόνησις ἐγένετο αἰσθητὴ.
ΙΣΧΥΡΟΣ ΣΕΙΣΜΟΣ ΕΙΣ ΤΗΝ ΤΟΥΡΚΙΑΝ
ΚΩΝ/ΠΟΛΙΣ, 26. (Γαλλ. Πρακτ.). — Ἰσχυρὸς σεισμὸς ἐσημειώθη εἰς τὴν ἀνατολικὴν Τουρκίαν.
ΚΩΝ/ΠΟΛΙΣ, 26. (Γαλλ. Πρακτ.). — Ἰσχυρὸς σεισμὸς ἐσημειώθη εἰς τὴν ἀνατολικὴν Τουρκίαν.
Ἡ «Λοῦνα» ψηλαφεῖ μὲ βραχίονας μηχανικοὺς τὴν στερεότητα τοῦ ἐδάφους ἐπὶ τῆς Σελήνης
ΔΕΝ ΥΠΑΡΧΕΙ ΣΤΡΩΜΑ ΚΟΝΕΩΣ.— ΠΡΟΣΤΟΙΜΑΣΙΑ ΔΙΑ ΤΗΝ ΑΠΟΣΤΟΛΗΝ ΑΣΤΡΟΝΑΥΤΩΝ
ΜΟΣΧΑ, 26. ΜΗΧΑΝΙΚΟΙ βραχίονες μὲ τοὺς ὁποίους ἐφοδιάσθη τὸ σοβιετικὸν διαστημόπλοιον «Λοῦνα 13» ἐξετάζουν τὴν στερεότητα τοῦ ἐδάφους τῆς Σελήνης. Αἱ φωτογραφίαι ἀπέδειξαν ὅτι δὲν ὑπάρχει στρῶμα κόνεως ἐπὶ τῆς ἐπιφανείας.
ΜΟΣΧΑ, 26. ΜΗΧΑΝΙΚΟΙ βραχίονες μὲ τοὺς ὁποίους ἐφοδιάσθη τὸ σοβιετικὸν διαστημόπλοιον «Λοῦνα 13» ἐξετάζουν τὴν στερεότητα τοῦ ἐδάφους τῆς Σελήνης. Αἱ φωτογραφίαι ἀπέδειξαν ὅτι δὲν ὑπάρχει στρῶμα κόνεως ἐπὶ τῆς ἐπιφανείας.
ΜΟΣΧΑ, 26. ΜΗΧΑΝΙΚΟΙ βραχίονες μὲ τοὺς ὁποίους ἐφοδιάσθη τὸ σοβιετικὸν διαστημόπλοιον «Λοῦνα 13» ἐξετάζουν τὴν στερεότητα τοῦ ἐδάφους τῆς Σελήνης. Αἱ φωτογραφίαι ἀπέδειξαν ὅτι δὲν ὑπάρχει στρῶμα κόνεως ἐπὶ τῆς ἐπιφανείας.
ΜΟΣΧΑ, 26. ΜΗΧΑΝΙΚΟΙ βραχίονες μὲ τοὺς ὁποίους ἐφοδιάσθη τὸ σοβιετικὸν διαστημόπλοιον «Λοῦνα 13» ἐξετάζουν τὴν στερεότητα τοῦ ἐδάφους τῆς Σελήνης. Αἱ φωτογραφίαι ἀπέδειξαν ὅτι δὲν ὑπάρχει στρῶμα κόνεως ἐπὶ τῆς ἐπιφανείας.
Ἀναζήτησις θετικῶν πληροφοριῶν διὰ τὸ σεληνιακὸν κοσμοδρόμιον
Ὁ καθηγητὴς Λιούπατκιν ἐδήλωσεν ὅτι τὸ σοβιετικὸν διαστημόπλοιον ἀποστέλλει πολυτίμους πληροφορίας διὰ τὴν μελλοντικὴν προσσελήνωσιν ἀνθρώπων.
Ὁ καθηγητὴς Λιούπατκιν ἐδήλωσεν ὅτι τὸ σοβιετικὸν διαστημόπλοιον ἀποστέλλει πολυτίμους πληροφορίας διὰ τὴν μελλοντικὴν προσσελήνωσιν ἀνθρώπων.
Ὁ καθηγητὴς Λιούπατκιν ἐδήλωσεν ὅτι τὸ σοβιετικὸν διαστημόπλοιον ἀποστέλλει πολυτίμους πληροφορίας διὰ τὴν μελλοντικὴν προσσελήνωσιν ἀνθρώπων.
Εἰς τὴν βραχώδη ἄνυδρον περιοχὴν τοῦ «Ὠκεανοῦ τῶν Καταιγίδων»
Ὁ «Λοῦνα 13» προσεδαφίσθη εἰς τὴν περιοχὴν τοῦ «Ὠκεανοῦ τῶν Καταιγίδων», ἡ ὁποία εἶναι βραχώδης καὶ ἄνυδρος.
Ὁ «Λοῦνα 13» προσεδαφίσθη εἰς τὴν περιοχὴν τοῦ «Ὠκεανοῦ τῶν Καταιγίδων», ἡ ὁποία εἶναι βραχώδης καὶ ἄνυδρος.
ΜΙΚΡΑΙ ΠΕΤΡΑΙ
Ὁ «Λοῦνα 13» προσεδαφίσθη εἰς τὴν περιοχὴν τοῦ «Ὠκεανοῦ τῶν Καταιγίδων», ἡ ὁποία εἶναι βραχώδης καὶ ἄνυδρος.
Ὁ «Λοῦνα 13» προσεδαφίσθη εἰς τὴν περιοχὴν τοῦ «Ὠκεανοῦ τῶν Καταιγίδων», ἡ ὁποία εἶναι βραχώδης καὶ ἄνυδρος.
ΣΤΟΧΟΣ ΤΗΣ ΝΕΑΣ ΓΕΡΜΑΝΙΚΗΣ ΚΥΒΕΡΝΗΣΕΩΣ ΕΙΝΑΙ Η ΔΙΕΥΡΥΝΣΙΣ ΤΗΣ ΦΙΛΙΑΣ ΓΕΡΜΑΝΙΑΣ ΚΑΙ ΓΑΛΛΙΑΣ
ΜΕΤΡΑ ΥΠΕΡ ΤΗΣ ΥΦΕΣΕΩΣ ΕΙΣ ΤΑΣ ΣΧΕΣΕΙΣ ΜΕ ΤΑΣ ΑΝΑΤΟΛΙΚΑΣ ΧΩΡΑΣ
ΡΕΚΛΙΝΓΚΧΑΟΥΖΕΝ (Βεστφαλία), 26. (Α.Π.). — Ὁ καγκελλάριος Κουρτ Γκέοργκ Κίζινγκερ ἐδήλωσεν ὅτι στόχος τῆς νέας κυβερνήσεως εἶναι ἡ διεύρυνσις τῆς φιλίας μεταξὺ Γερμανίας καὶ Γαλλίας.
ΡΕΚΛΙΝΓΚΧΑΟΥΖΕΝ (Βεστφαλία), 26. (Α.Π.). — Ὁ καγκελλάριος Κουρτ Γκέοργκ Κίζινγκερ ἐδήλωσεν ὅτι στόχος τῆς νέας κυβερνήσεως εἶναι ἡ διεύρυνσις τῆς φιλίας μεταξὺ Γερμανίας καὶ Γαλλίας.
ΡΕΚΛΙΝΓΚΧΑΟΥΖΕΝ (Βεστφαλία), 26. (Α.Π.). — Ὁ καγκελλάριος Κουρτ Γκέοργκ Κίζινγκερ ἐδήλωσεν ὅτι στόχος τῆς νέας κυβερνήσεως εἶναι ἡ διεύρυνσις τῆς φιλίας μεταξὺ Γερμανίας καὶ Γαλλίας.
ΡΕΚΛΙΝΓΚΧΑΟΥΖΕΝ (Βεστφαλία), 26. (Α.Π.). — Ὁ καγκελλάριος Κουρτ Γκέοργκ Κίζινγκερ ἐδήλωσεν ὅτι στόχος τῆς νέας κυβερνήσεως εἶναι ἡ διεύρυνσις τῆς φιλίας μεταξὺ Γερμανίας καὶ Γαλλίας.
ΠΕΝΤΕ ΝΕΚΡΟΙ ΚΑΙ 15 ΤΡΑΥΜΑΤΙΑΙ ΑΠΟ ΤΡΟΧΟΦΟΡΑ ΟΚΤΑΜΕΛΗΣ ΟΙΚΟΓΕΝΕΙΑ ΘΥΜΑ ΔΥΣΤΥΧΗΜΑΤΟΣ
Κατὰ τὴν διάρκειαν τοῦ τριημέρου τῶν ἑορτῶν ἐσημειώθησαν πέντε θανατηφόρα δυστυχήματα, ἐνῷ ἐτραυματίσθησαν 15 ἄτομα.
Κατὰ τὴν διάρκειαν τοῦ τριημέρου τῶν ἑορτῶν ἐσημειώθησαν πέντε θανατηφόρα δυστυχήματα, ἐνῷ ἐτραυματίσθησαν 15 ἄτομα.
Κατὰ τὴν διάρκειαν τοῦ τριημέρου τῶν ἑορτῶν ἐσημειώθησαν πέντε θανατηφόρα δυστυχήματα, ἐνῷ ἐτραυματίσθησαν 15 ἄτομα.
Κατὰ τὴν διάρκειαν τοῦ τριημέρου τῶν ἑορτῶν ἐσημειώθησαν πέντε θανατηφόρα δυστυχήματα, ἐνῷ ἐτραυματίσθησαν 15 ἄτομα.
ΕΙΣ ΤΑΣ ΕΠΑΡΧΙΑΣ
Κατὰ τὴν διάρκειαν τοῦ τριημέρου τῶν ἑορτῶν ἐσημειώθησαν πέντε θανατηφόρα δυστυχήματα, ἐνῷ ἐτραυματίσθησαν 15 ἄτομα.
Κατὰ τὴν διάρκειαν τοῦ τριημέρου τῶν ἑορτῶν ἐσημειώθησαν πέντε θανατηφόρα δυστυχήματα, ἐνῷ ἐτραυματίσθησαν 15 ἄτομα.
Κατὰ τὴν διάρκειαν τοῦ τριημέρου τῶν ἑορτῶν ἐσημειώθησαν πέντε θανατηφόρα δυστυχήματα, ἐνῷ ἐτραυματίσθησαν 15 ἄτομα.
Κατὰ τὴν διάρκειαν τοῦ τριημέρου τῶν ἑορτῶν ἐσημειώθησαν πέντε θανατηφόρα δυστυχήματα, ἐνῷ ἐτραυματίσθησαν 15 ἄτομα.
ΑΠΟΦΥΓΗΝ ΑΝΑΜΙΞΕΩΣ ΤΩΝ ΑΣΤΥΝΟΜΙΚΩΝ ΟΡΓΑΝΩΝ ΕΙΣ ΤΗΝ ΠΟΛΙΤΙΚΗΝ ΔΙΑΜΑΧΗΝ, ΖΗΤΕΙ Ο κ. ΤΖΑΝΕΤΗΣ
Ὁ ὑπουργὸς Δημοσίας Τάξεως κ. Τζανέτης ἐζήτησε τὴν ἀποφυγὴν ἀναμίξεως τῶν ἀστυνομικῶν ὀργάνων εἰς τὴν πολιτικὴν διαμάχην.
Ὁ ὑπουργὸς Δημοσίας Τάξεως κ. Τζανέτης ἐζήτησε τὴν ἀποφυγὴν ἀναμίξεως τῶν ἀστυνομικῶν ὀργάνων εἰς τὴν πολιτικὴν διαμάχην.
Ὁ ὑπουργὸς Δημοσίας Τάξεως κ. Τζανέτης ἐζήτησε τὴν ἀποφυγὴν ἀναμίξεως τῶν ἀστυνομικῶν ὀργάνων εἰς τὴν πολιτικὴν διαμάχην.
Ὁ ὑπουργὸς Δημοσίας Τάξεως κ. Τζανέτης ἐζήτησε τὴν ἀποφυγὴν ἀναμίξεως τῶν ἀστυνομικῶν ὀργάνων εἰς τὴν πολιτικὴν διαμάχην.
Ὁ ὑπουργὸς Δημοσίας Τάξεως κ. Τζανέτης ἐζήτησε τὴν ἀποφυγὴν ἀναμίξεως τῶν ἀστυνομικῶν ὀργάνων εἰς τὴν πολιτικὴν διαμάχην.
Ὁ ὑπουργὸς Δημοσίας Τάξεως κ. Τζανέτης ἐζήτησε τὴν ἀποφυγὴν ἀναμίξεως τῶν ἀστυνομικῶν ὀργάνων εἰς τὴν πολιτικὴν διαμάχην.
